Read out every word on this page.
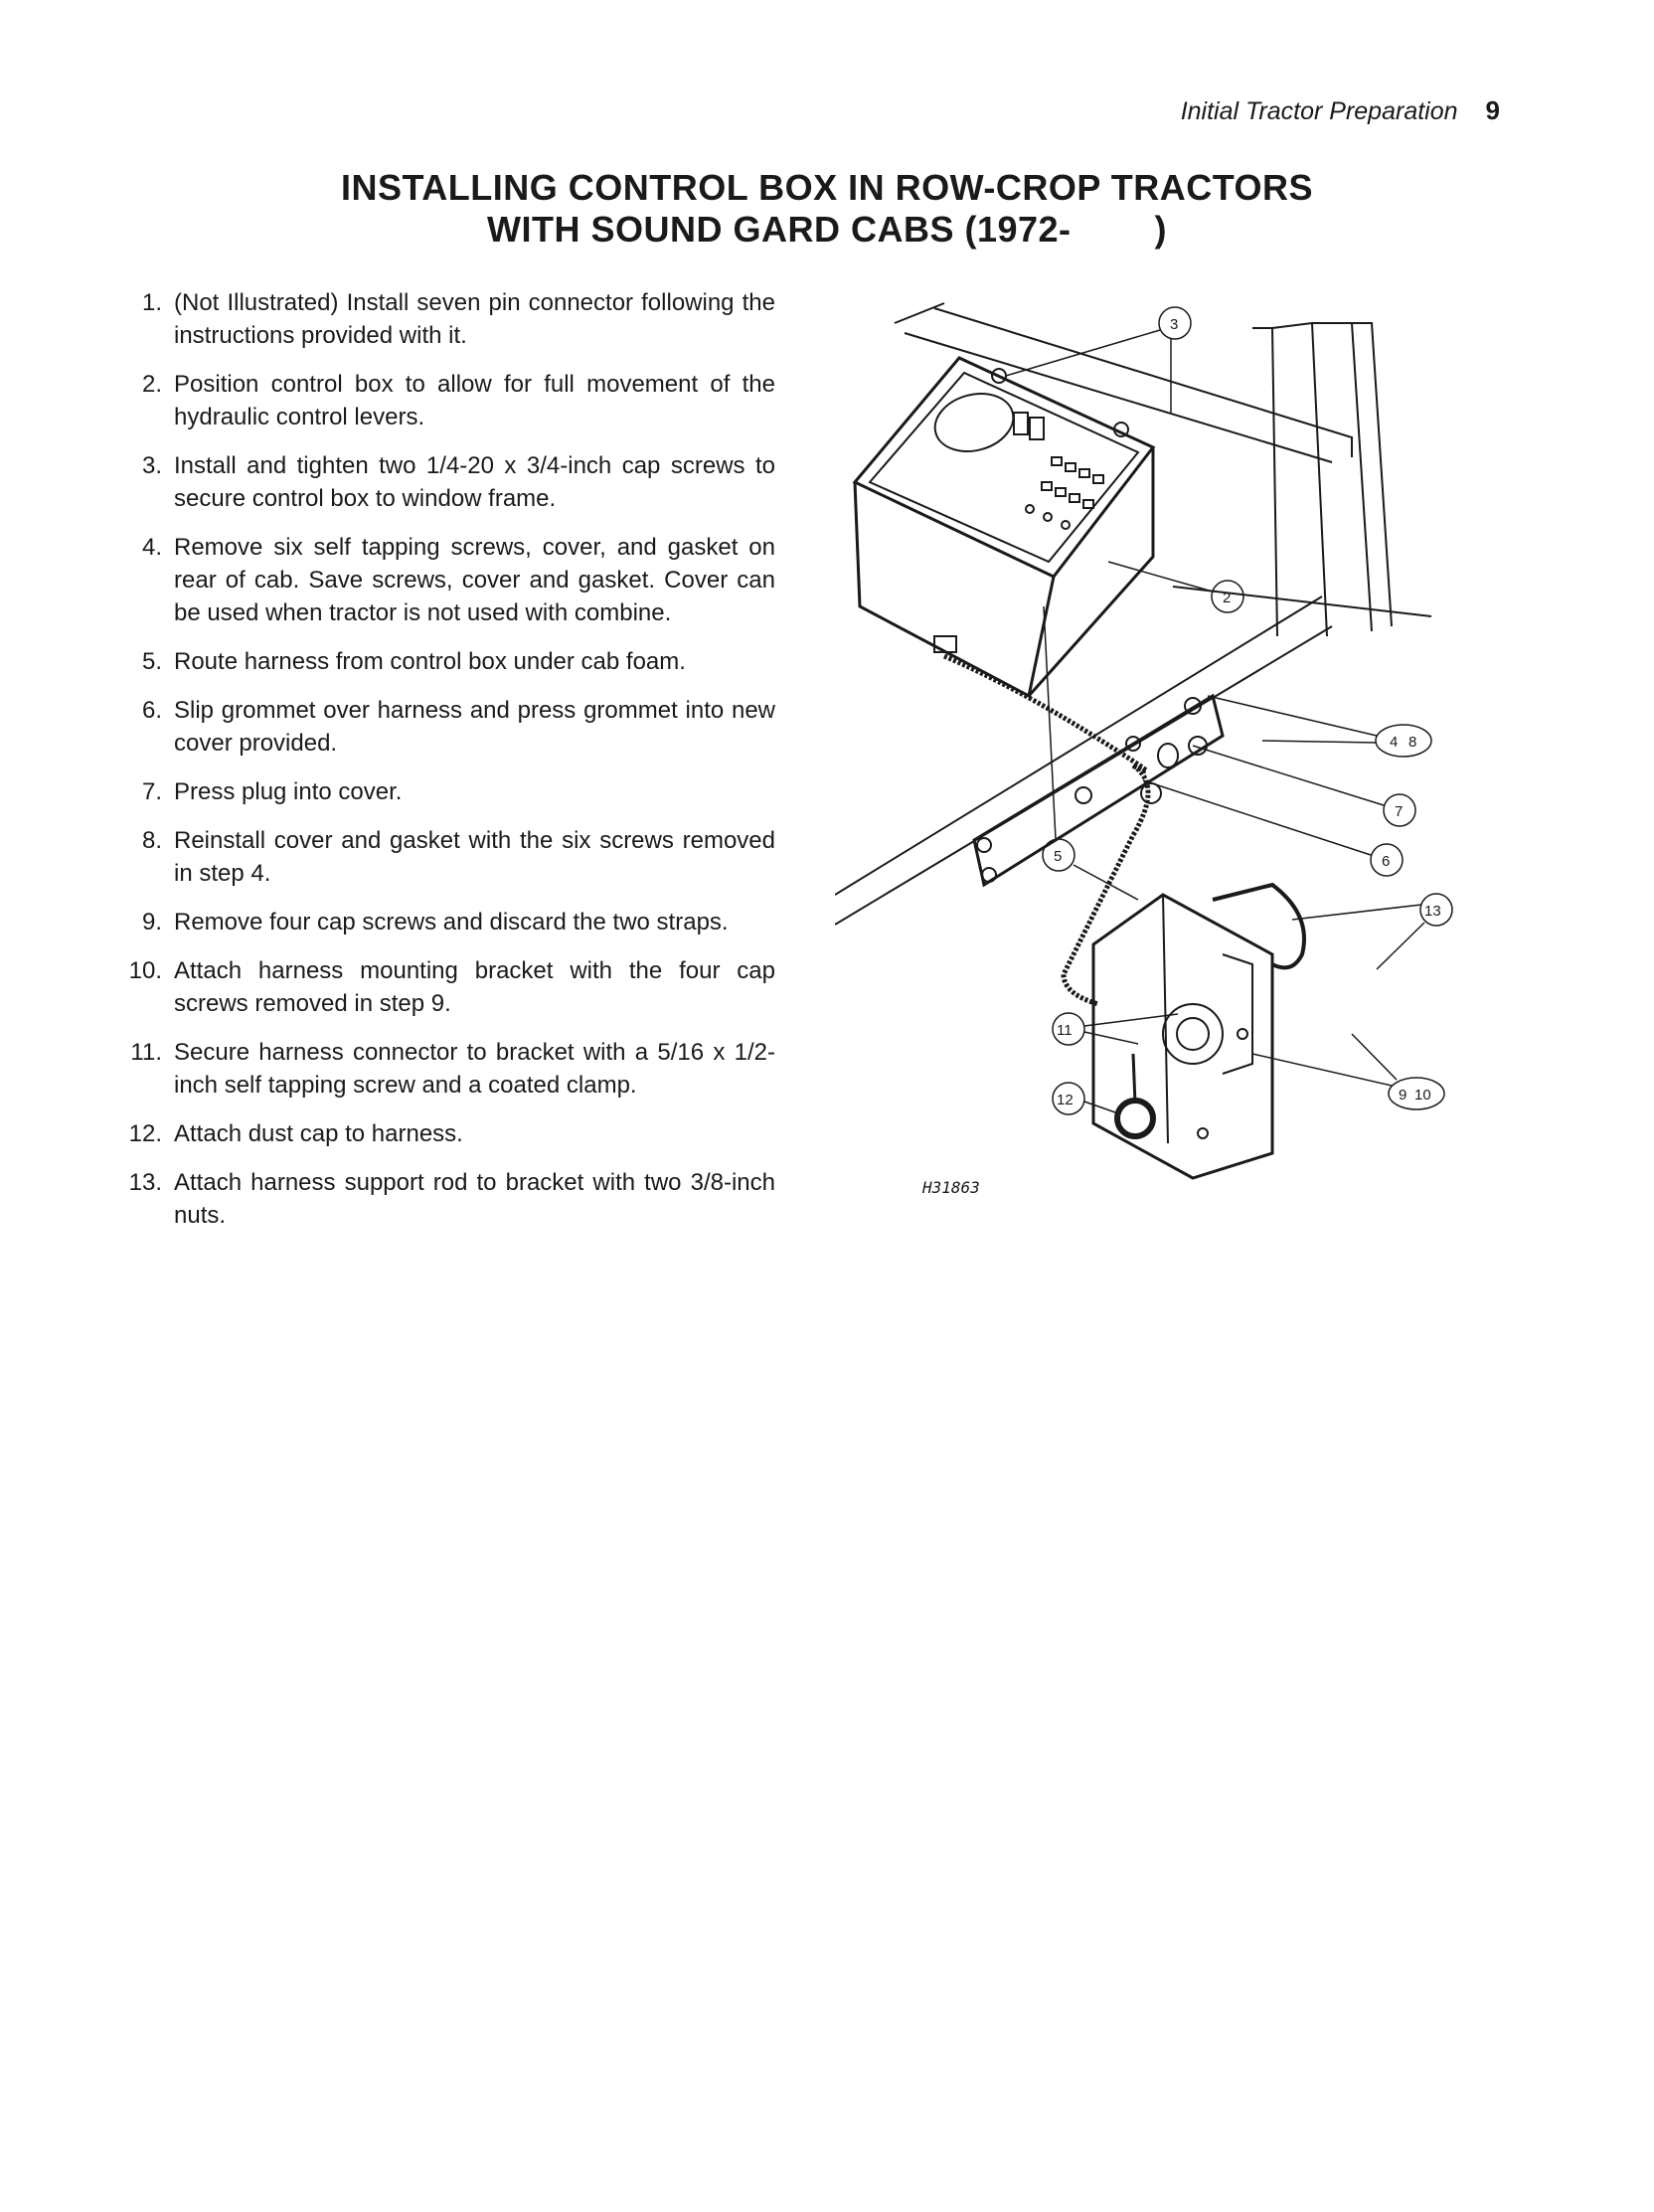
Initial Tractor Preparation 9
INSTALLING CONTROL BOX IN ROW-CROP TRACTORS
WITH SOUND GARD CABS (1972-        )
1. (Not Illustrated) Install seven pin connector following the instructions provided with it.
2. Position control box to allow for full movement of the hydraulic control levers.
3. Install and tighten two 1/4-20 x 3/4-inch cap screws to secure control box to window frame.
4. Remove six self tapping screws, cover, and gasket on rear of cab. Save screws, cover and gasket. Cover can be used when tractor is not used with combine.
5. Route harness from control box under cab foam.
6. Slip grommet over harness and press grommet into new cover provided.
7. Press plug into cover.
8. Reinstall cover and gasket with the six screws removed in step 4.
9. Remove four cap screws and discard the two straps.
10. Attach harness mounting bracket with the four cap screws removed in step 9.
11. Secure harness connector to bracket with a 5/16 x 1/2-inch self tapping screw and a coated clamp.
12. Attach dust cap to harness.
13. Attach harness support rod to bracket with two 3/8-inch nuts.
3
2
4 8
7
6
5
13
11
12	9 10
H31863
